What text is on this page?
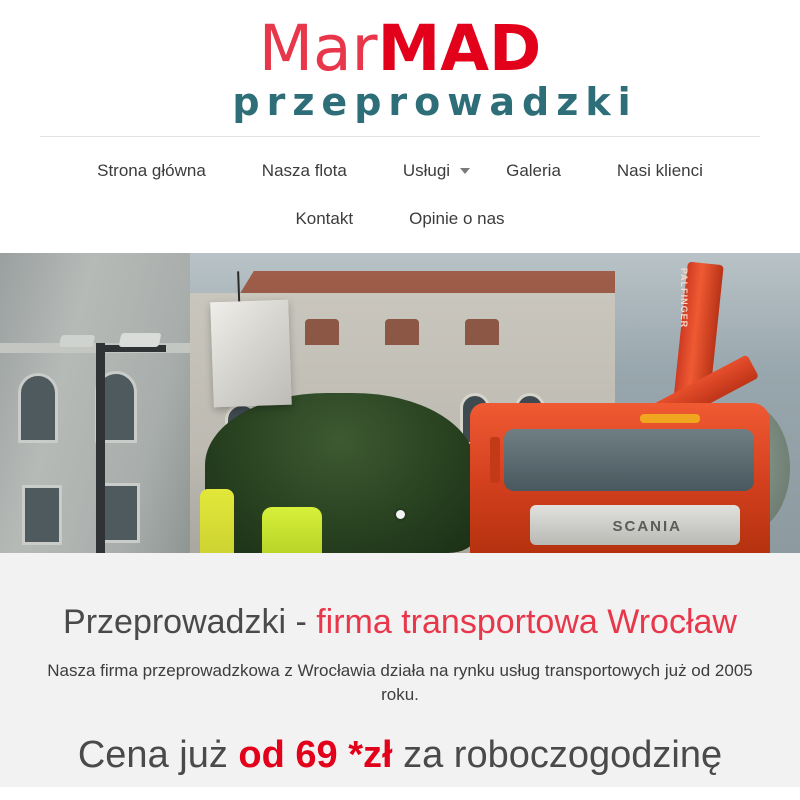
MarMAD
przeprowadzki
Strona główna	Nasza flota	Usługi	Galeria	Nasi klienci
Kontakt	Opinie o nas
PALFINGER
SCANIA
Przeprowadzki - firma transportowa Wrocław

Nasza firma przeprowadzkowa z Wrocławia działa na rynku usług transportowych już od 2005 roku.

Cena już od 69 *zł za roboczogodzinę
